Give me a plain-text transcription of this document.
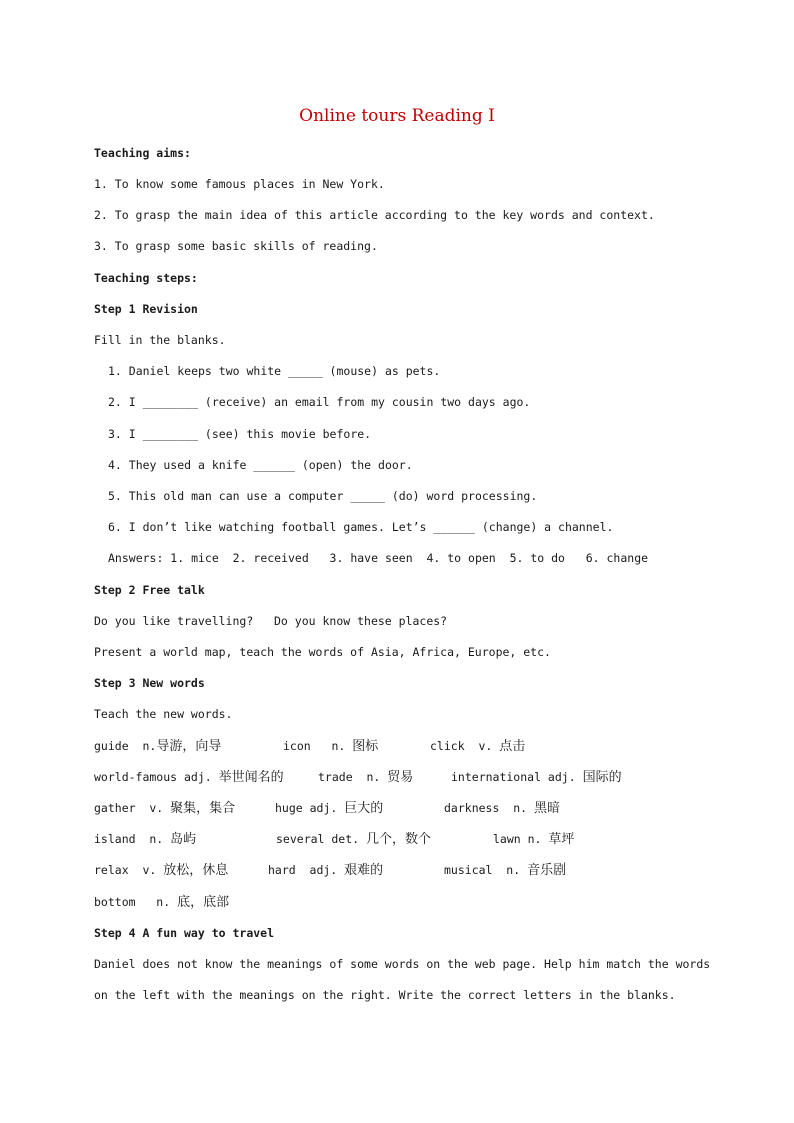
Online tours Reading I
Teaching aims:
1. To know some famous places in New York.
2. To grasp the main idea of this article according to the key words and context.
3. To grasp some basic skills of reading.
Teaching steps:
Step 1 Revision
Fill in the blanks.
1. Daniel keeps two white _____ (mouse) as pets.
2. I ________ (receive) an email from my cousin two days ago.
3. I ________ (see) this movie before.
4. They used a knife ______ (open) the door.
5. This old man can use a computer _____ (do) word processing.
6. I don’t like watching football games. Let’s ______ (change) a channel.
Answers: 1. mice  2. received   3. have seen  4. to open  5. to do   6. change
Step 2 Free talk
Do you like travelling?   Do you know these places?
Present a world map, teach the words of Asia, Africa, Europe, etc.
Step 3 New words
Teach the new words.
guide  n.导游，向导	icon   n. 图标	click  v. 点击
world-famous adj. 举世闻名的	trade  n. 贸易	international adj. 国际的
gather  v. 聚集，集合	huge adj. 巨大的	darkness  n. 黑暗
island  n. 岛屿	several det. 几个，数个	lawn n. 草坪
relax  v. 放松，休息	hard  adj. 艰难的	musical  n. 音乐剧
bottom   n. 底，底部
Step 4 A fun way to travel
Daniel does not know the meanings of some words on the web page. Help him match the words
on the left with the meanings on the right. Write the correct letters in the blanks.
